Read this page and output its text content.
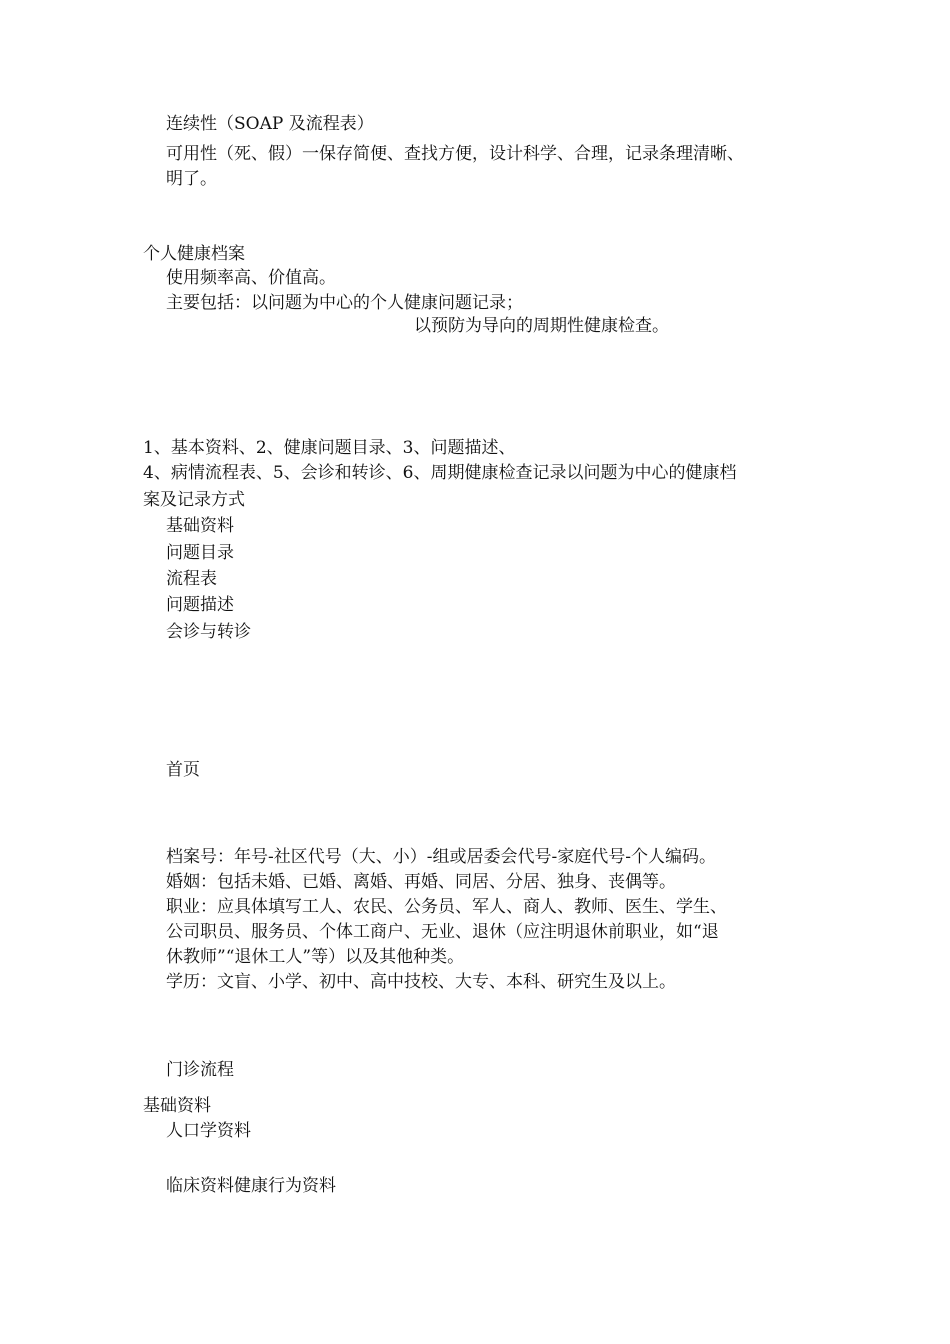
连续性（SOAP 及流程表）
可用性（死、假）一保存简便、查找方便，设计科学、合理，记录条理清晰、
明了。
个人健康档案
使用频率高、价值高。
主要包括：以问题为中心的个人健康问题记录；
以预防为导向的周期性健康检查。
1、基本资料、2、健康问题目录、3、问题描述、
4、病情流程表、5、会诊和转诊、6、周期健康检查记录以问题为中心的健康档
案及记录方式
基础资料
问题目录
流程表
问题描述
会诊与转诊
首页
档案号：年号-社区代号（大、小）-组或居委会代号-家庭代号-个人编码。
婚姻：包括未婚、已婚、离婚、再婚、同居、分居、独身、丧偶等。
职业：应具体填写工人、农民、公务员、军人、商人、教师、医生、学生、
公司职员、服务员、个体工商户、无业、退休（应注明退休前职业，如“退
休教师”“退休工人”等）以及其他种类。
学历：文盲、小学、初中、高中技校、大专、本科、研究生及以上。
门诊流程
基础资料
人口学资料
临床资料健康行为资料
